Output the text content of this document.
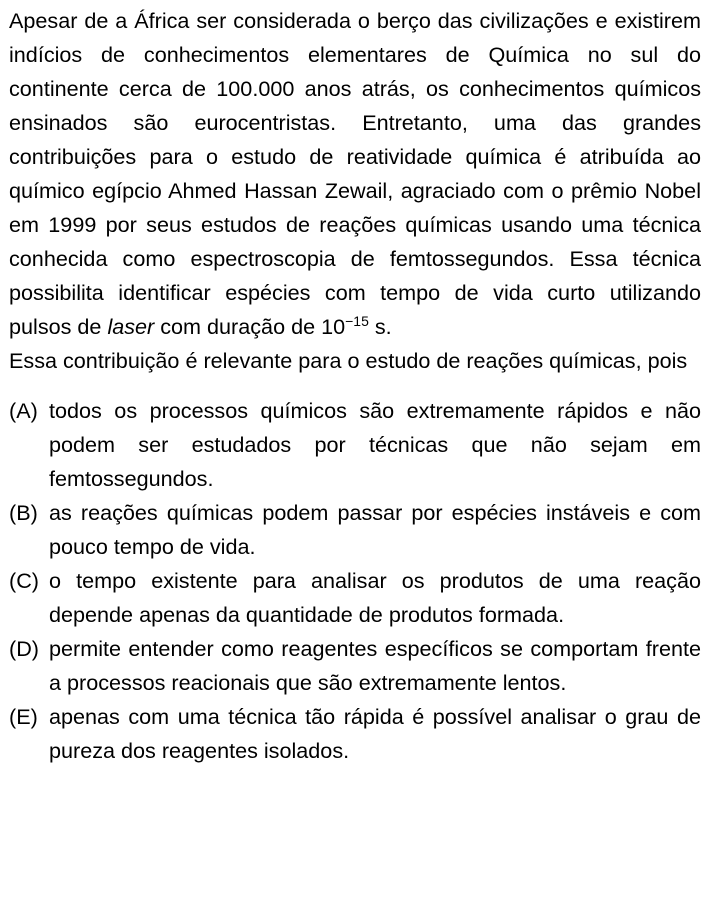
Apesar de a África ser considerada o berço das civilizações e existirem indícios de conhecimentos elementares de Química no sul do continente cerca de 100.000 anos atrás, os conhecimentos químicos ensinados são eurocentristas. Entretanto, uma das grandes contribuições para o estudo de reatividade química é atribuída ao químico egípcio Ahmed Hassan Zewail, agraciado com o prêmio Nobel em 1999 por seus estudos de reações químicas usando uma técnica conhecida como espectroscopia de femtossegundos. Essa técnica possibilita identificar espécies com tempo de vida curto utilizando pulsos de laser com duração de $10^{-15}$ s.

Essa contribuição é relevante para o estudo de reações químicas, pois

(A) todos os processos químicos são extremamente rápidos e não podem ser estudados por técnicas que não sejam em femtossegundos.
(B) as reações químicas podem passar por espécies instáveis e com pouco tempo de vida.
(C) o tempo existente para analisar os produtos de uma reação depende apenas da quantidade de produtos formada.
(D) permite entender como reagentes específicos se comportam frente a processos reacionais que são extremamente lentos.
(E) apenas com uma técnica tão rápida é possível analisar o grau de pureza dos reagentes isolados.
